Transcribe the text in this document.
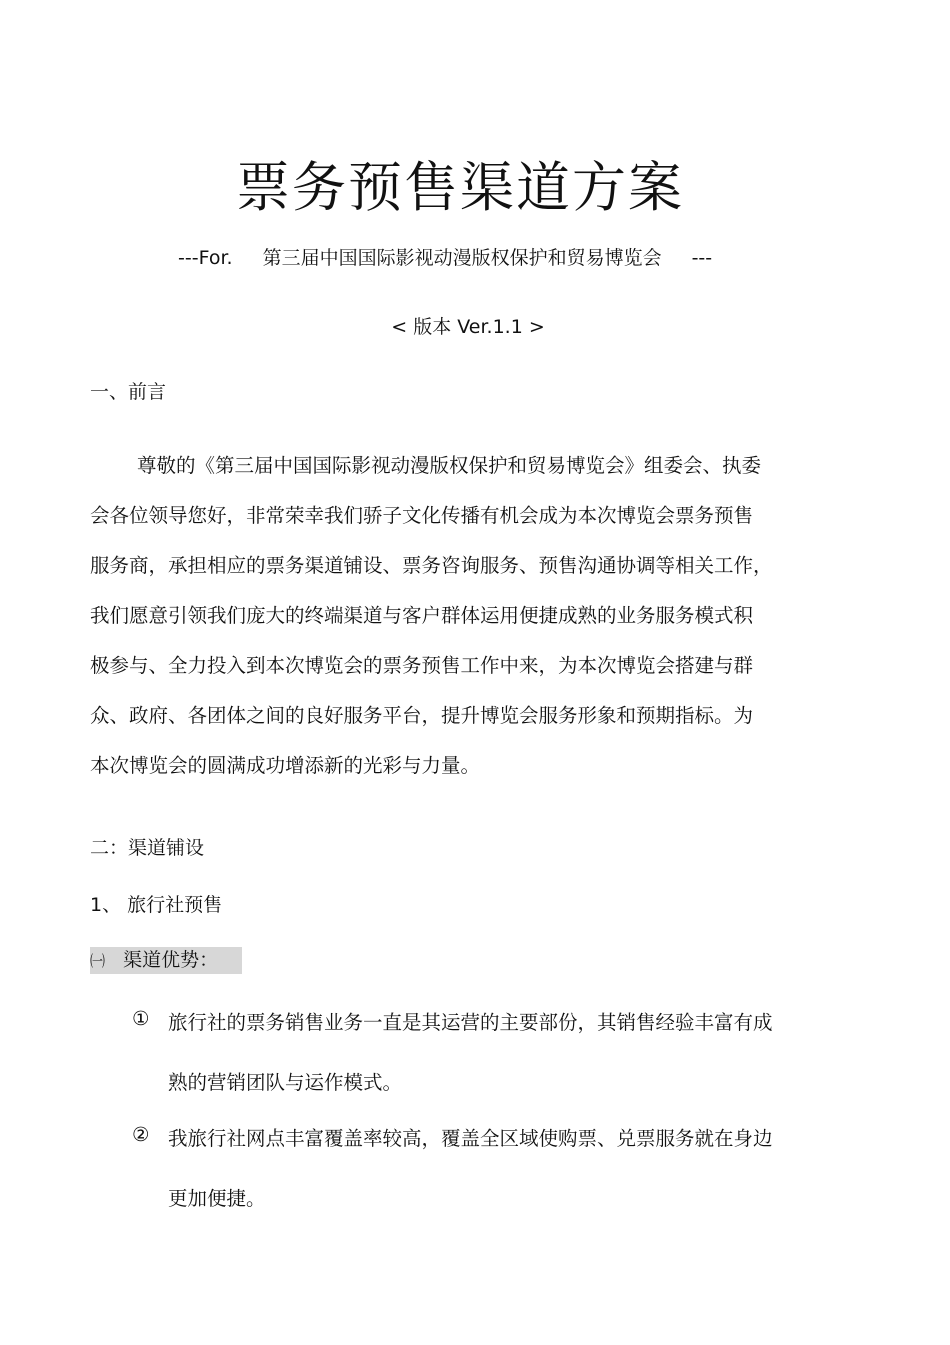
票务预售渠道方案
---For. 第三届中国国际影视动漫版权保护和贸易博览会 ---
< 版本 Ver.1.1 >
一、前言
尊敬的《第三届中国国际影视动漫版权保护和贸易博览会》组委会、执委
会各位领导您好，非常荣幸我们骄子文化传播有机会成为本次博览会票务预售
服务商，承担相应的票务渠道铺设、票务咨询服务、预售沟通协调等相关工作，
我们愿意引领我们庞大的终端渠道与客户群体运用便捷成熟的业务服务模式积
极参与、全力投入到本次博览会的票务预售工作中来，为本次博览会搭建与群
众、政府、各团体之间的良好服务平台，提升博览会服务形象和预期指标。为
本次博览会的圆满成功增添新的光彩与力量。
二：渠道铺设
1、 旅行社预售
㈠ 渠道优势：
① 旅行社的票务销售业务一直是其运营的主要部份，其销售经验丰富有成
熟的营销团队与运作模式。
② 我旅行社网点丰富覆盖率较高，覆盖全区域使购票、兑票服务就在身边
更加便捷。
